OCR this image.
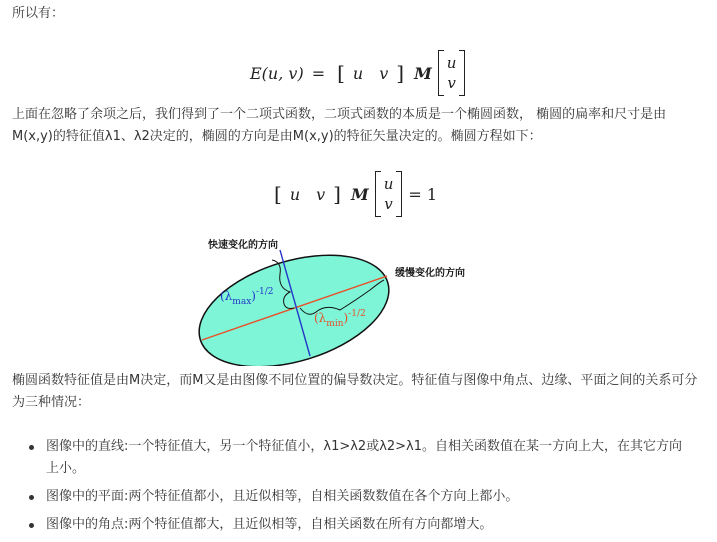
所以有：

E(u, v) = [ u v ] M
u
v

上面在忽略了余项之后，我们得到了一个二项式函数，二项式函数的本质是一个椭圆函数， 椭圆的扁率和尺寸是由M(x,y)的特征值λ1、λ2决定的，椭圆的方向是由M(x,y)的特征矢量决定的。椭圆方程如下：

[ u v ] M
u
v
= 1
快速变化的方向
缓慢变化的方向
$(\lambda_{max})^{-1/2}$
$(\lambda_{min})^{-1/2}$

椭圆函数特征值是由M决定，而M又是由图像不同位置的偏导数决定。特征值与图像中角点、边缘、平面之间的关系可分为三种情况：

图像中的直线:一个特征值大，另一个特征值小，λ1>λ2或λ2>λ1。自相关函数值在某一方向上大，在其它方向上小。
图像中的平面:两个特征值都小，且近似相等，自相关函数数值在各个方向上都小。
图像中的角点:两个特征值都大，且近似相等，自相关函数在所有方向都增大。
